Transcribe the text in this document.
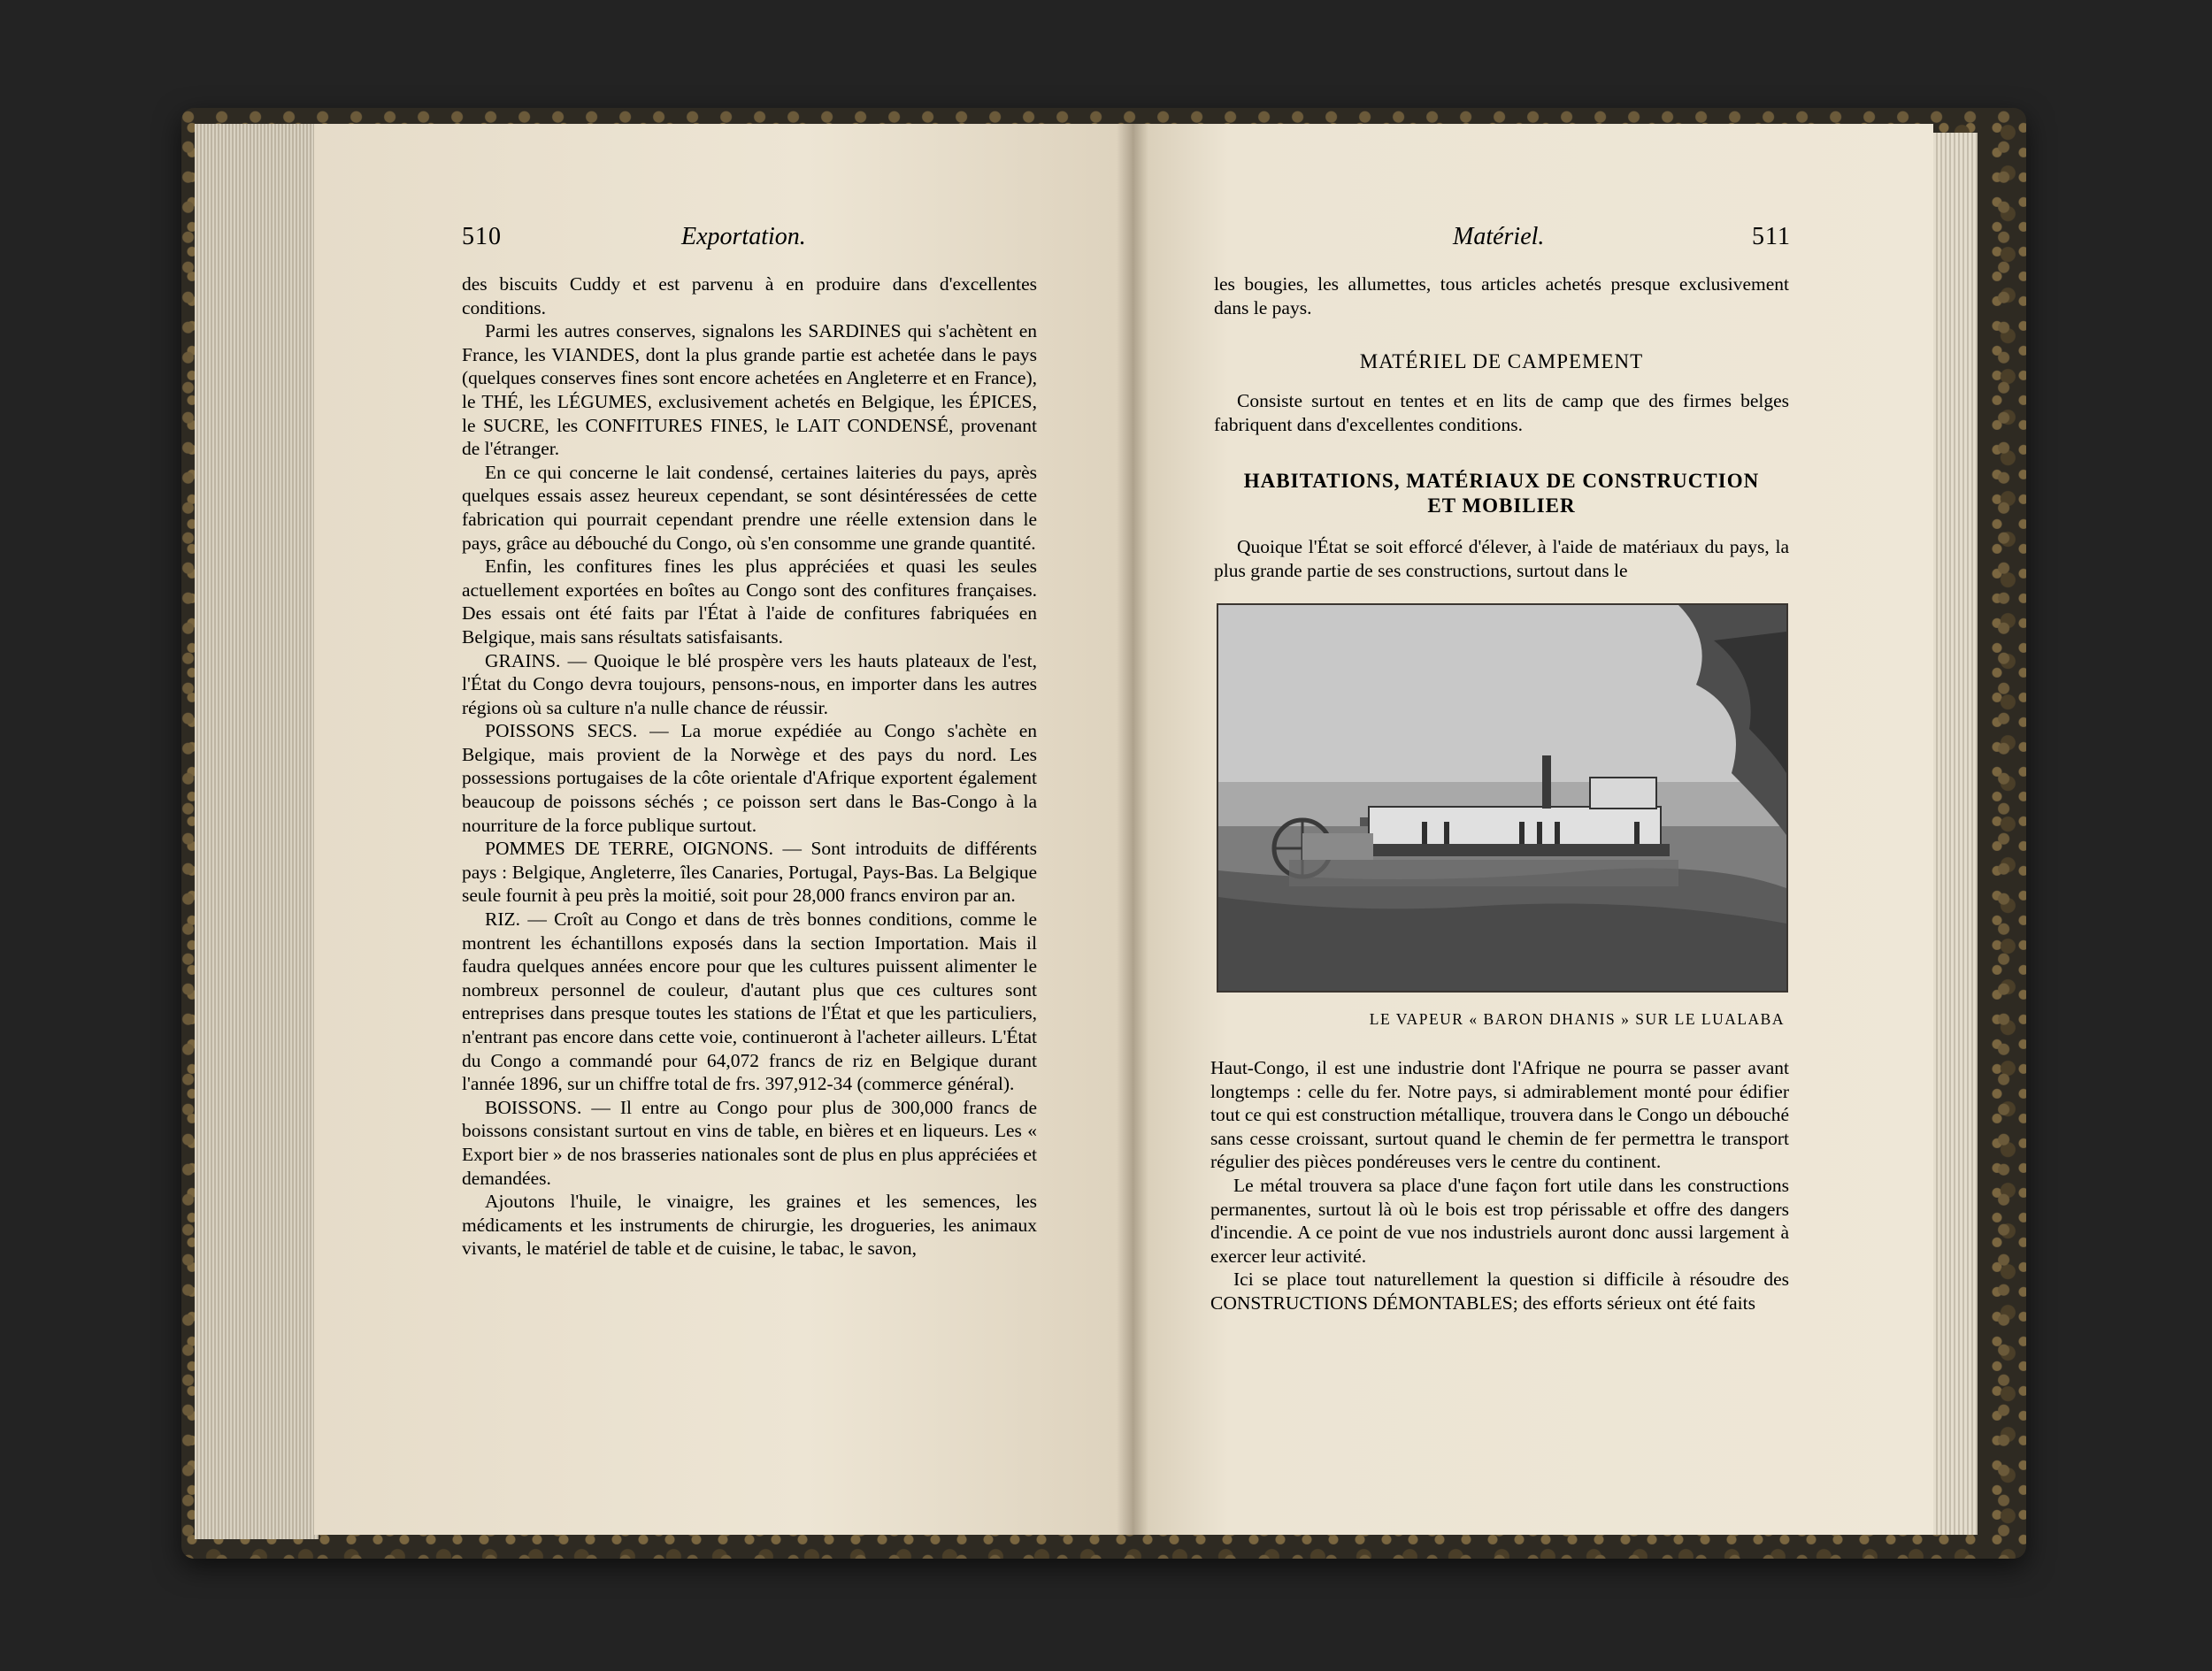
510	Exportation.

des biscuits Cuddy et est parvenu à en produire dans d'excellentes conditions.

Parmi les autres conserves, signalons les SARDINES qui s'achètent en France, les VIANDES, dont la plus grande partie est achetée dans le pays (quelques conserves fines sont encore achetées en Angleterre et en France), le THÉ, les LÉGUMES, exclusivement achetés en Belgique, les ÉPICES, le SUCRE, les CONFITURES FINES, le LAIT CONDENSÉ, provenant de l'étranger.

En ce qui concerne le lait condensé, certaines laiteries du pays, après quelques essais assez heureux cependant, se sont désintéressées de cette fabrication qui pourrait cependant prendre une réelle extension dans le pays, grâce au débouché du Congo, où s'en consomme une grande quantité.

Enfin, les confitures fines les plus appréciées et quasi les seules actuellement exportées en boîtes au Congo sont des confitures françaises. Des essais ont été faits par l'État à l'aide de confitures fabriquées en Belgique, mais sans résultats satisfaisants.

GRAINS. — Quoique le blé prospère vers les hauts plateaux de l'est, l'État du Congo devra toujours, pensons-nous, en importer dans les autres régions où sa culture n'a nulle chance de réussir.

POISSONS SECS. — La morue expédiée au Congo s'achète en Belgique, mais provient de la Norwège et des pays du nord. Les possessions portugaises de la côte orientale d'Afrique exportent également beaucoup de poissons séchés ; ce poisson sert dans le Bas-Congo à la nourriture de la force publique surtout.

POMMES DE TERRE, OIGNONS. — Sont introduits de différents pays : Belgique, Angleterre, îles Canaries, Portugal, Pays-Bas. La Belgique seule fournit à peu près la moitié, soit pour 28,000 francs environ par an.

RIZ. — Croît au Congo et dans de très bonnes conditions, comme le montrent les échantillons exposés dans la section Importation. Mais il faudra quelques années encore pour que les cultures puissent alimenter le nombreux personnel de couleur, d'autant plus que ces cultures sont entreprises dans presque toutes les stations de l'État et que les particuliers, n'entrant pas encore dans cette voie, continueront à l'acheter ailleurs. L'État du Congo a commandé pour 64,072 francs de riz en Belgique durant l'année 1896, sur un chiffre total de frs. 397,912-34 (commerce général).

BOISSONS. — Il entre au Congo pour plus de 300,000 francs de boissons consistant surtout en vins de table, en bières et en liqueurs. Les « Export bier » de nos brasseries nationales sont de plus en plus appréciées et demandées.

Ajoutons l'huile, le vinaigre, les graines et les semences, les médicaments et les instruments de chirurgie, les drogueries, les animaux vivants, le matériel de table et de cuisine, le tabac, le savon,

Matériel.	511

les bougies, les allumettes, tous articles achetés presque exclusivement dans le pays.

MATÉRIEL DE CAMPEMENT

Consiste surtout en tentes et en lits de camp que des firmes belges fabriquent dans d'excellentes conditions.

HABITATIONS, MATÉRIAUX DE CONSTRUCTION
ET MOBILIER

Quoique l'État se soit efforcé d'élever, à l'aide de matériaux du pays, la plus grande partie de ses constructions, surtout dans le

LE VAPEUR « BARON DHANIS » SUR LE LUALABA

Haut-Congo, il est une industrie dont l'Afrique ne pourra se passer avant longtemps : celle du fer. Notre pays, si admirablement monté pour édifier tout ce qui est construction métallique, trouvera dans le Congo un débouché sans cesse croissant, surtout quand le chemin de fer permettra le transport régulier des pièces pondéreuses vers le centre du continent.

Le métal trouvera sa place d'une façon fort utile dans les constructions permanentes, surtout là où le bois est trop périssable et offre des dangers d'incendie. A ce point de vue nos industriels auront donc aussi largement à exercer leur activité.

Ici se place tout naturellement la question si difficile à résoudre des CONSTRUCTIONS DÉMONTABLES; des efforts sérieux ont été faits
